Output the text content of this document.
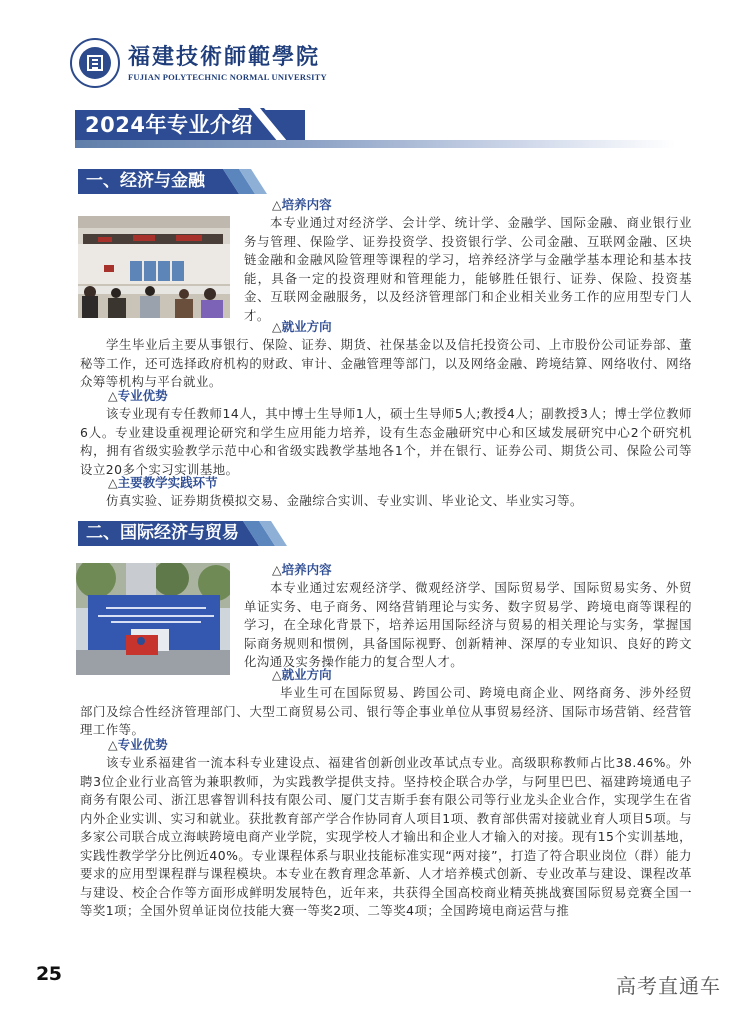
福建技術師範學院
FUJIAN POLYTECHNIC NORMAL UNIVERSITY
2024年专业介绍
一、经济与金融
△培养内容
本专业通过对经济学、会计学、统计学、金融学、国际金融、商业银行业务与管理、保险学、证券投资学、投资银行学、公司金融、互联网金融、区块链金融和金融风险管理等课程的学习，培养经济学与金融学基本理论和基本技能，具备一定的投资理财和管理能力，能够胜任银行、证券、保险、投资基金、互联网金融服务，以及经济管理部门和企业相关业务工作的应用型专门人才。
△就业方向
学生毕业后主要从事银行、保险、证券、期货、社保基金以及信托投资公司、上市股份公司证券部、董秘等工作，还可选择政府机构的财政、审计、金融管理等部门，以及网络金融、跨境结算、网络收付、网络众筹等机构与平台就业。
△专业优势
该专业现有专任教师14人，其中博士生导师1人，硕士生导师5人;教授4人；副教授3人；博士学位教师6人。专业建设重视理论研究和学生应用能力培养，设有生态金融研究中心和区域发展研究中心2个研究机构，拥有省级实验教学示范中心和省级实践教学基地各1个，并在银行、证券公司、期货公司、保险公司等设立20多个实习实训基地。
△主要教学实践环节
仿真实验、证券期货模拟交易、金融综合实训、专业实训、毕业论文、毕业实习等。
二、国际经济与贸易
△培养内容
本专业通过宏观经济学、微观经济学、国际贸易学、国际贸易实务、外贸单证实务、电子商务、网络营销理论与实务、数字贸易学、跨境电商等课程的学习，在全球化背景下，培养运用国际经济与贸易的相关理论与实务，掌握国际商务规则和惯例，具备国际视野、创新精神、深厚的专业知识、良好的跨文化沟通及实务操作能力的复合型人才。
△就业方向
毕业生可在国际贸易、跨国公司、跨境电商企业、网络商务、涉外经贸部门及综合性经济管理部门、大型工商贸易公司、银行等企事业单位从事贸易经济、国际市场营销、经营管理工作等。
△专业优势
该专业系福建省一流本科专业建设点、福建省创新创业改革试点专业。高级职称教师占比38.46%。外聘3位企业行业高管为兼职教师，为实践教学提供支持。坚持校企联合办学，与阿里巴巴、福建跨境通电子商务有限公司、浙江思睿智训科技有限公司、厦门艾吉斯手套有限公司等行业龙头企业合作，实现学生在省内外企业实训、实习和就业。获批教育部产学合作协同育人项目1项、教育部供需对接就业育人项目5项。与多家公司联合成立海峡跨境电商产业学院，实现学校人才输出和企业人才输入的对接。现有15个实训基地，实践性教学学分比例近40%。专业课程体系与职业技能标准实现“两对接”，打造了符合职业岗位（群）能力要求的应用型课程群与课程模块。本专业在教育理念革新、人才培养模式创新、专业改革与建设、课程改革与建设、校企合作等方面形成鲜明发展特色，近年来，共获得全国高校商业精英挑战赛国际贸易竞赛全国一等奖1项；全国外贸单证岗位技能大赛一等奖2项、二等奖4项；全国跨境电商运营与推
25	高考直通车
